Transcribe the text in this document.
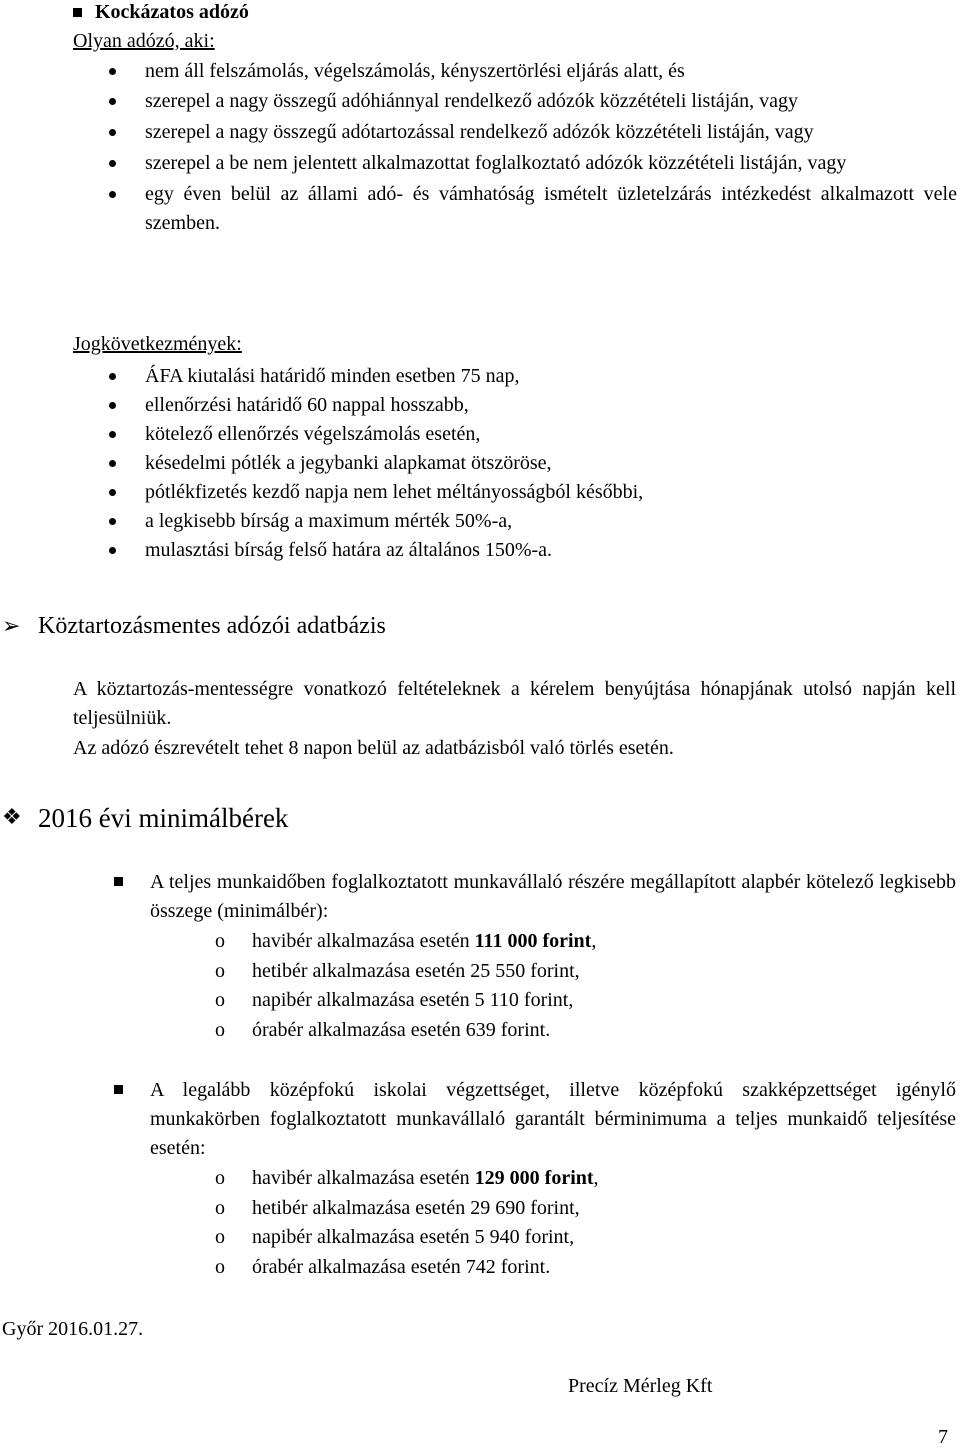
Kockázatos adózó
Olyan adózó, aki:
nem áll felszámolás, végelszámolás, kényszertörlési eljárás alatt, és
szerepel a nagy összegű adóhiánnyal rendelkező adózók közzétételi listáján, vagy
szerepel a nagy összegű adótartozással rendelkező adózók közzétételi listáján, vagy
szerepel a be nem jelentett alkalmazottat foglalkoztató adózók közzétételi listáján, vagy
egy éven belül az állami adó- és vámhatóság ismételt üzletelzárás intézkedést alkalmazott vele szemben.
Jogkövetkezmények:
ÁFA kiutalási határidő minden esetben 75 nap,
ellenőrzési határidő 60 nappal hosszabb,
kötelező ellenőrzés végelszámolás esetén,
késedelmi pótlék a jegybanki alapkamat ötszöröse,
pótlékfizetés kezdő napja nem lehet méltányosságból későbbi,
a legkisebb bírság a maximum mérték 50%-a,
mulasztási bírság felső határa az általános 150%-a.
➢ Köztartozásmentes adózói adatbázis
A köztartozás-mentességre vonatkozó feltételeknek a kérelem benyújtása hónapjának utolsó napján kell teljesülniük.
Az adózó észrevételt tehet 8 napon belül az adatbázisból való törlés esetén.
❖ 2016 évi minimálbérek
A teljes munkaidőben foglalkoztatott munkavállaló részére megállapított alapbér kötelező legkisebb összege (minimálbér):
o havibér alkalmazása esetén 111 000 forint,
o hetibér alkalmazása esetén 25 550 forint,
o napibér alkalmazása esetén 5 110 forint,
o órabér alkalmazása esetén 639 forint.
A legalább középfokú iskolai végzettséget, illetve középfokú szakképzettséget igénylő munkakörben foglalkoztatott munkavállaló garantált bérminimuma a teljes munkaidő teljesítése esetén:
o havibér alkalmazása esetén 129 000 forint,
o hetibér alkalmazása esetén 29 690 forint,
o napibér alkalmazása esetén 5 940 forint,
o órabér alkalmazása esetén 742 forint.
Győr 2016.01.27.
Precíz Mérleg Kft
7
